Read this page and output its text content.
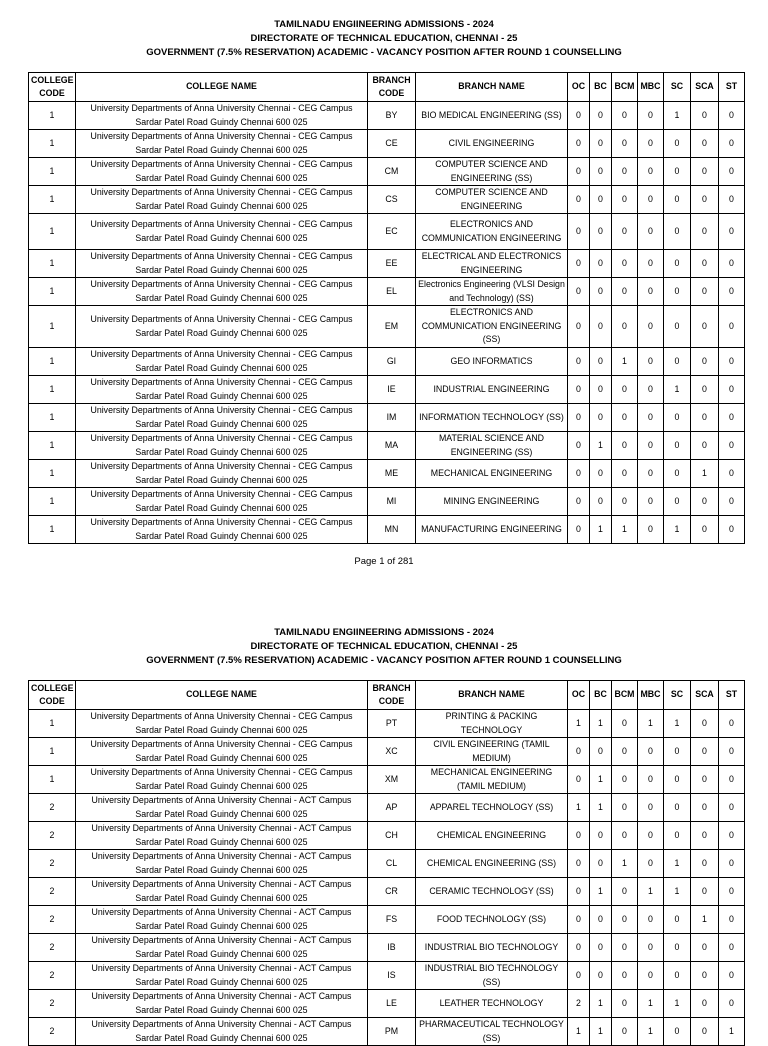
TAMILNADU ENGIINEERING ADMISSIONS - 2024
DIRECTORATE OF TECHNICAL EDUCATION, CHENNAI - 25
GOVERNMENT (7.5% RESERVATION) ACADEMIC - VACANCY POSITION AFTER ROUND 1 COUNSELLING
COLLEGE CODE	COLLEGE NAME	BRANCH CODE	BRANCH NAME	OC	BC	BCM	MBC	SC	SCA	ST
1	University Departments of Anna University Chennai - CEG Campus Sardar Patel Road Guindy Chennai 600 025	BY	BIO MEDICAL ENGINEERING (SS)	0	0	0	0	1	0	0
1	University Departments of Anna University Chennai - CEG Campus Sardar Patel Road Guindy Chennai 600 025	CE	CIVIL ENGINEERING	0	0	0	0	0	0	0
1	University Departments of Anna University Chennai - CEG Campus Sardar Patel Road Guindy Chennai 600 025	CM	COMPUTER SCIENCE AND ENGINEERING (SS)	0	0	0	0	0	0	0
1	University Departments of Anna University Chennai - CEG Campus Sardar Patel Road Guindy Chennai 600 025	CS	COMPUTER SCIENCE AND ENGINEERING	0	0	0	0	0	0	0
1	University Departments of Anna University Chennai - CEG Campus Sardar Patel Road Guindy Chennai 600 025	EC	ELECTRONICS AND COMMUNICATION ENGINEERING	0	0	0	0	0	0	0
1	University Departments of Anna University Chennai - CEG Campus Sardar Patel Road Guindy Chennai 600 025	EE	ELECTRICAL AND ELECTRONICS ENGINEERING	0	0	0	0	0	0	0
1	University Departments of Anna University Chennai - CEG Campus Sardar Patel Road Guindy Chennai 600 025	EL	Electronics Engineering (VLSI Design and Technology) (SS)	0	0	0	0	0	0	0
1	University Departments of Anna University Chennai - CEG Campus Sardar Patel Road Guindy Chennai 600 025	EM	ELECTRONICS AND COMMUNICATION ENGINEERING (SS)	0	0	0	0	0	0	0
1	University Departments of Anna University Chennai - CEG Campus Sardar Patel Road Guindy Chennai 600 025	GI	GEO INFORMATICS	0	0	1	0	0	0	0
1	University Departments of Anna University Chennai - CEG Campus Sardar Patel Road Guindy Chennai 600 025	IE	INDUSTRIAL ENGINEERING	0	0	0	0	1	0	0
1	University Departments of Anna University Chennai - CEG Campus Sardar Patel Road Guindy Chennai 600 025	IM	INFORMATION TECHNOLOGY (SS)	0	0	0	0	0	0	0
1	University Departments of Anna University Chennai - CEG Campus Sardar Patel Road Guindy Chennai 600 025	MA	MATERIAL SCIENCE AND ENGINEERING (SS)	0	1	0	0	0	0	0
1	University Departments of Anna University Chennai - CEG Campus Sardar Patel Road Guindy Chennai 600 025	ME	MECHANICAL ENGINEERING	0	0	0	0	0	1	0
1	University Departments of Anna University Chennai - CEG Campus Sardar Patel Road Guindy Chennai 600 025	MI	MINING ENGINEERING	0	0	0	0	0	0	0
1	University Departments of Anna University Chennai - CEG Campus Sardar Patel Road Guindy Chennai 600 025	MN	MANUFACTURING ENGINEERING	0	1	1	0	1	0	0
Page 1 of 281
TAMILNADU ENGIINEERING ADMISSIONS - 2024
DIRECTORATE OF TECHNICAL EDUCATION, CHENNAI - 25
GOVERNMENT (7.5% RESERVATION) ACADEMIC - VACANCY POSITION AFTER ROUND 1 COUNSELLING
COLLEGE CODE	COLLEGE NAME	BRANCH CODE	BRANCH NAME	OC	BC	BCM	MBC	SC	SCA	ST
1	University Departments of Anna University Chennai - CEG Campus Sardar Patel Road Guindy Chennai 600 025	PT	PRINTING & PACKING TECHNOLOGY	1	1	0	1	1	0	0
1	University Departments of Anna University Chennai - CEG Campus Sardar Patel Road Guindy Chennai 600 025	XC	CIVIL ENGINEERING (TAMIL MEDIUM)	0	0	0	0	0	0	0
1	University Departments of Anna University Chennai - CEG Campus Sardar Patel Road Guindy Chennai 600 025	XM	MECHANICAL ENGINEERING (TAMIL MEDIUM)	0	1	0	0	0	0	0
2	University Departments of Anna University Chennai - ACT Campus Sardar Patel Road Guindy Chennai 600 025	AP	APPAREL TECHNOLOGY (SS)	1	1	0	0	0	0	0
2	University Departments of Anna University Chennai - ACT Campus Sardar Patel Road Guindy Chennai 600 025	CH	CHEMICAL ENGINEERING	0	0	0	0	0	0	0
2	University Departments of Anna University Chennai - ACT Campus Sardar Patel Road Guindy Chennai 600 025	CL	CHEMICAL ENGINEERING (SS)	0	0	1	0	1	0	0
2	University Departments of Anna University Chennai - ACT Campus Sardar Patel Road Guindy Chennai 600 025	CR	CERAMIC TECHNOLOGY (SS)	0	1	0	1	1	0	0
2	University Departments of Anna University Chennai - ACT Campus Sardar Patel Road Guindy Chennai 600 025	FS	FOOD TECHNOLOGY (SS)	0	0	0	0	0	1	0
2	University Departments of Anna University Chennai - ACT Campus Sardar Patel Road Guindy Chennai 600 025	IB	INDUSTRIAL BIO TECHNOLOGY	0	0	0	0	0	0	0
2	University Departments of Anna University Chennai - ACT Campus Sardar Patel Road Guindy Chennai 600 025	IS	INDUSTRIAL BIO TECHNOLOGY (SS)	0	0	0	0	0	0	0
2	University Departments of Anna University Chennai - ACT Campus Sardar Patel Road Guindy Chennai 600 025	LE	LEATHER TECHNOLOGY	2	1	0	1	1	0	0
2	University Departments of Anna University Chennai - ACT Campus Sardar Patel Road Guindy Chennai 600 025	PM	PHARMACEUTICAL TECHNOLOGY (SS)	1	1	0	1	0	0	1
